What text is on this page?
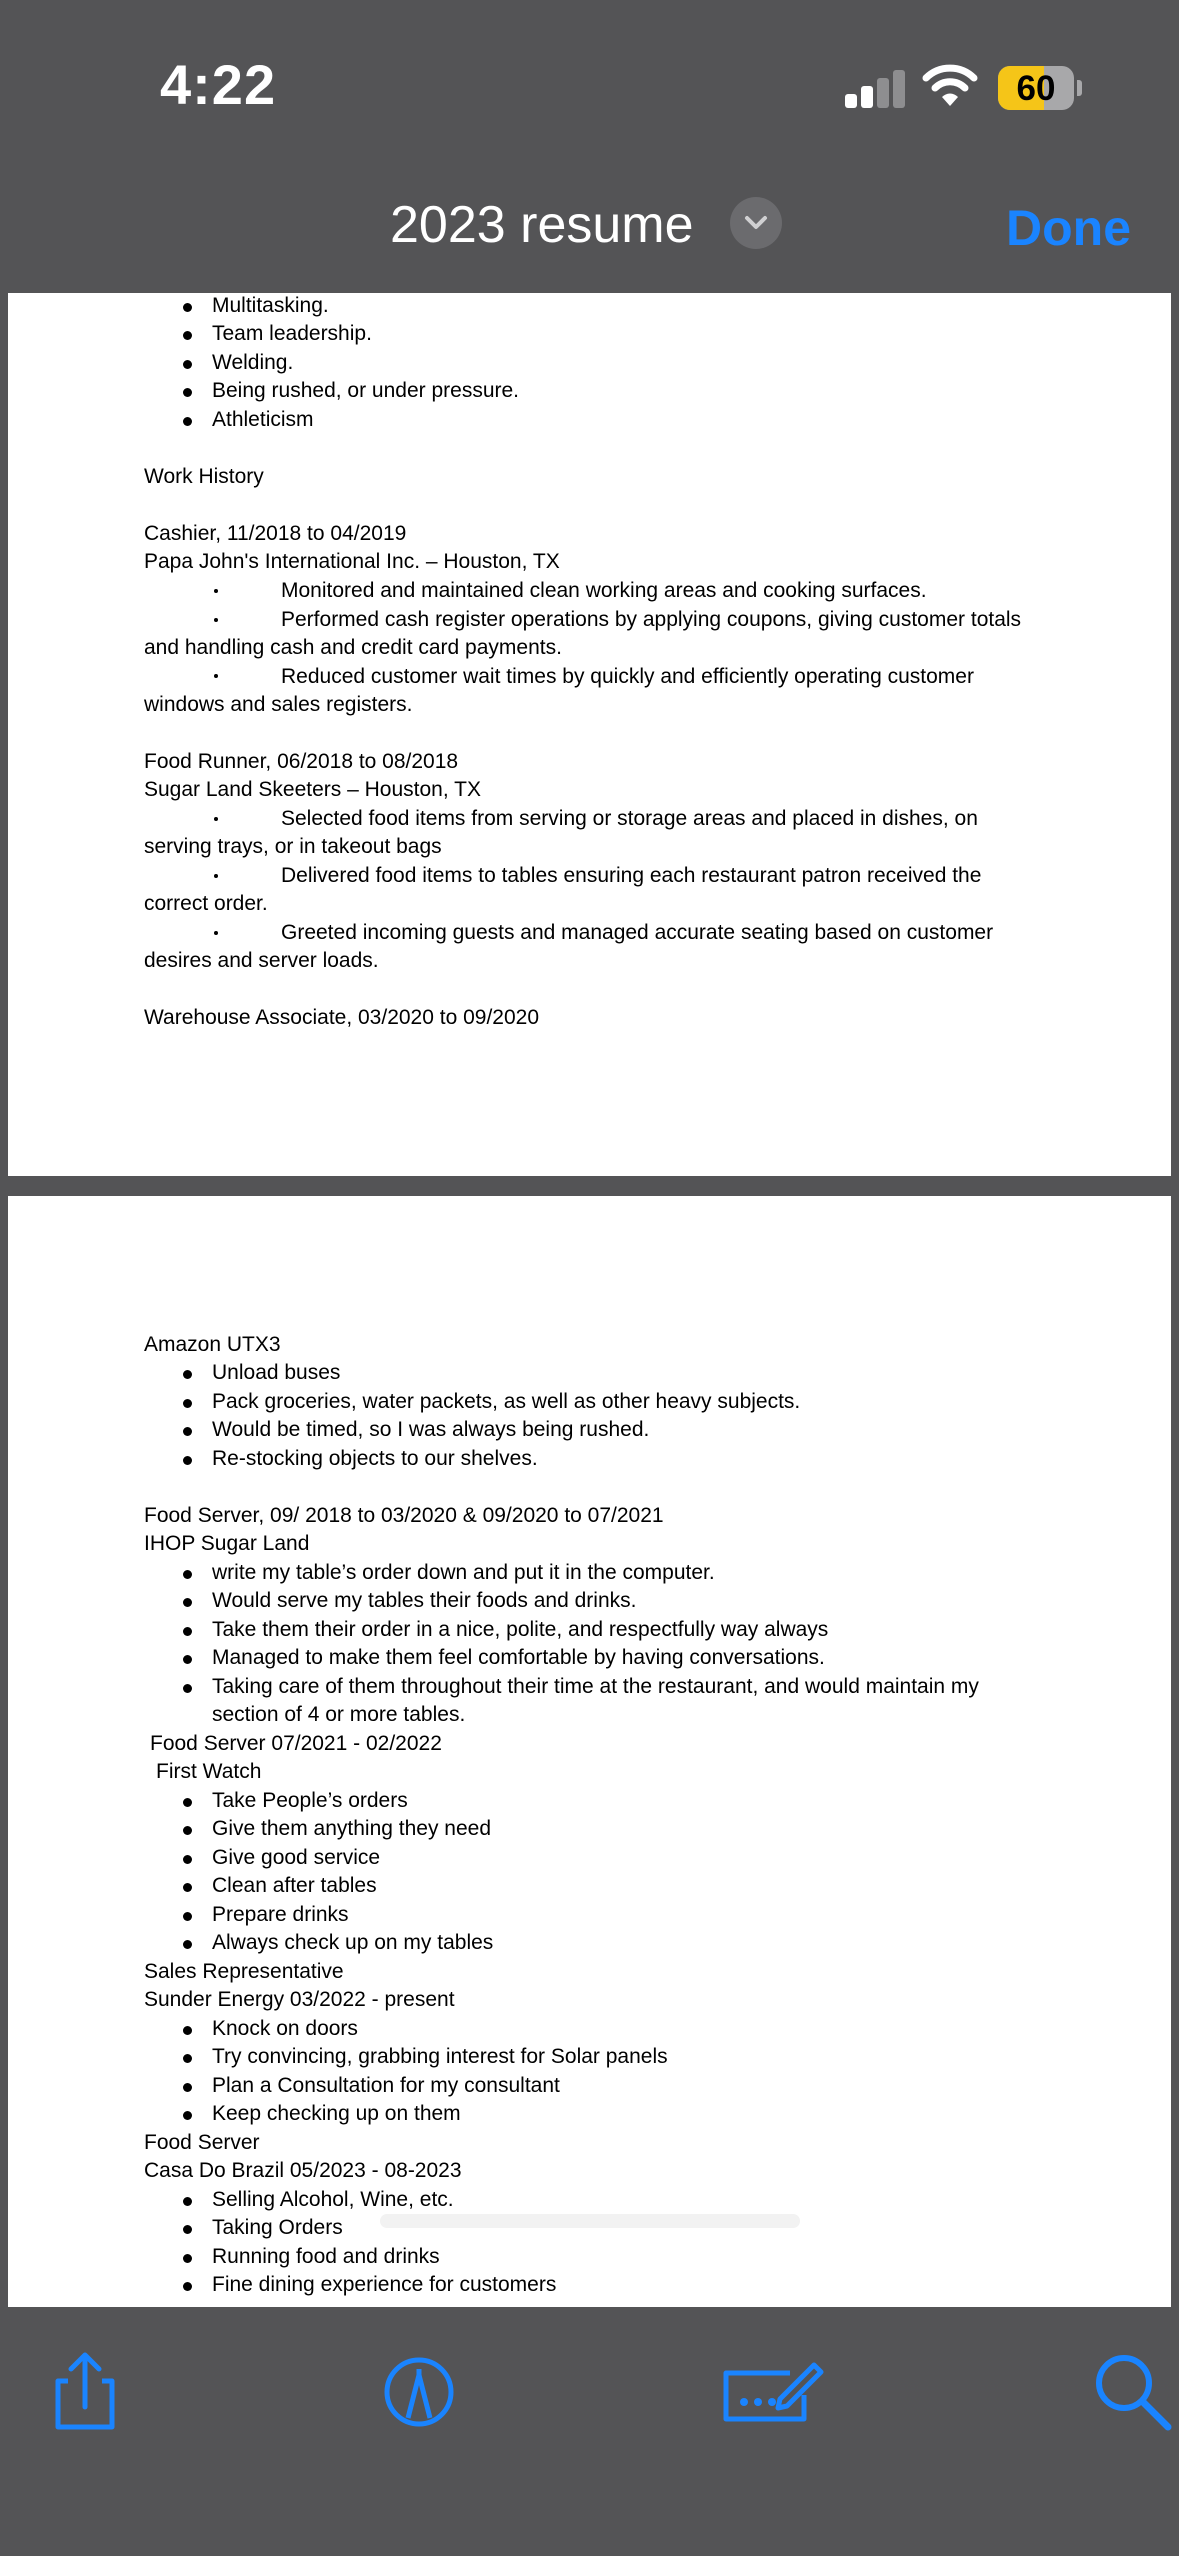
4:22	60
2023 resume	Done
Multitasking.
Team leadership.
Welding.
Being rushed, or under pressure.
Athleticism
Work History
Cashier, 11/2018 to 04/2019
Papa John's International Inc. – Houston, TX
Monitored and maintained clean working areas and cooking surfaces.
Performed cash register operations by applying coupons, giving customer totals
and handling cash and credit card payments.
Reduced customer wait times by quickly and efficiently operating customer
windows and sales registers.
Food Runner, 06/2018 to 08/2018
Sugar Land Skeeters – Houston, TX
Selected food items from serving or storage areas and placed in dishes, on
serving trays, or in takeout bags
Delivered food items to tables ensuring each restaurant patron received the
correct order.
Greeted incoming guests and managed accurate seating based on customer
desires and server loads.
Warehouse Associate, 03/2020 to 09/2020
Amazon UTX3
Unload buses
Pack groceries, water packets, as well as other heavy subjects.
Would be timed, so I was always being rushed.
Re-stocking objects to our shelves.
Food Server, 09/ 2018 to 03/2020 & 09/2020 to 07/2021
IHOP Sugar Land
write my table’s order down and put it in the computer.
Would serve my tables their foods and drinks.
Take them their order in a nice, polite, and respectfully way always
Managed to make them feel comfortable by having conversations.
Taking care of them throughout their time at the restaurant, and would maintain my
section of 4 or more tables.
Food Server 07/2021 - 02/2022
First Watch
Take People’s orders
Give them anything they need
Give good service
Clean after tables
Prepare drinks
Always check up on my tables
Sales Representative
Sunder Energy 03/2022 - present
Knock on doors
Try convincing, grabbing interest for Solar panels
Plan a Consultation for my consultant
Keep checking up on them
Food Server
Casa Do Brazil 05/2023 - 08-2023
Selling Alcohol, Wine, etc.
Taking Orders
Running food and drinks
Fine dining experience for customers
